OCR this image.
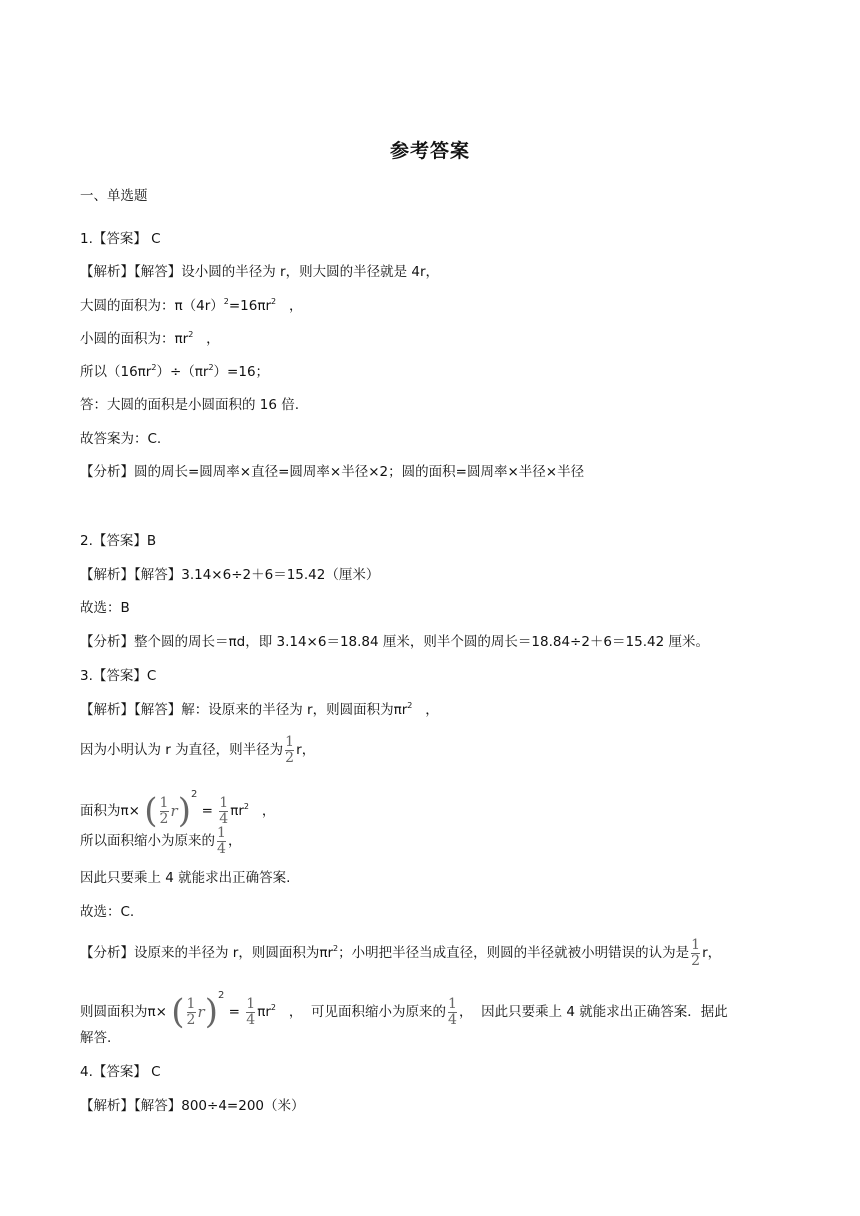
参考答案
一、单选题
1.【答案】 C
【解析】【解答】设小圆的半径为 r，则大圆的半径就是 4r，
大圆的面积为：$\pi(4r)^2=16\pi r^2$   ，
小圆的面积为：$\pi r^2$   ，
所以$(16\pi r^2)\div(\pi r^2)=16$；
答：大圆的面积是小圆面积的 16 倍.
故答案为：C.
【分析】圆的周长=圆周率×直径=圆周率×半径×2；圆的面积=圆周率×半径×半径
2.【答案】B
【解析】【解答】3.14×6÷2＋6＝15.42（厘米）
故选：B
【分析】整个圆的周长＝πd，即 3.14×6＝18.84 厘米，则半个圆的周长＝18.84÷2＋6＝15.42 厘米。
3.【答案】C
【解析】【解答】解：设原来的半径为 r，则圆面积为$\pi r^2$   ，
因为小明认为 r 为直径，则半径为 $\frac{1}{2}$ r，
面积为π× ( $\frac{1}{2} r)^2 = \frac{1}{4} \pi r^2$   ，
所以面积缩小为原来的 $\frac{1}{4}$ ，
因此只要乘上 4 就能求出正确答案.
故选：C.
【分析】设原来的半径为 r，则圆面积为$\pi r^2$；小明把半径当成直径，则圆的半径就被小明错误的认为是 $\frac{1}{2}$ r，
则圆面积为π× ( $\frac{1}{2} r)^2 = \frac{1}{4} \pi r^2$   ，  可见面积缩小为原来的 $\frac{1}{4}$ ，  因此只要乘上 4 就能求出正确答案．据此
解答.
4.【答案】 C
【解析】【解答】800÷4=200（米）
